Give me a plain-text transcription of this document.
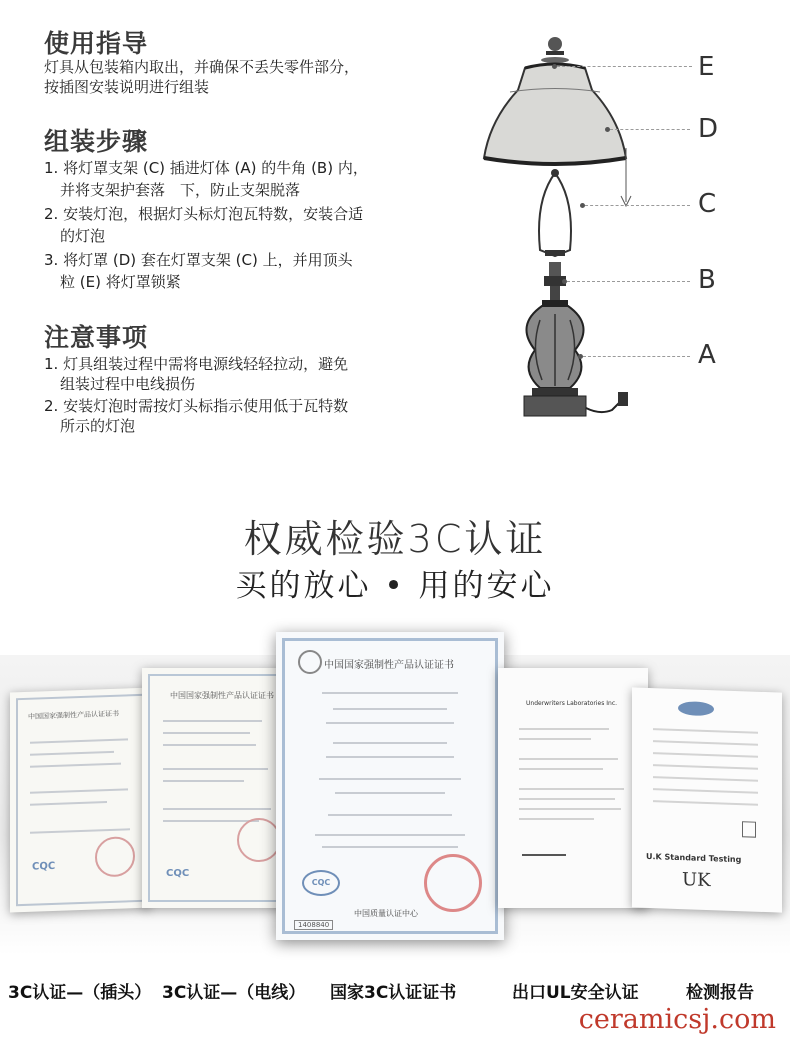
使用指导
灯具从包装箱内取出，并确保不丢失零件部分，
按插图安装说明进行组装
组装步骤
1. 将灯罩支架 (C) 插进灯体 (A) 的牛角 (B) 内，
并将支架护套落　下，防止支架脱落
2. 安装灯泡，根据灯头标灯泡瓦特数，安装合适
的灯泡
3. 将灯罩 (D) 套在灯罩支架 (C) 上，并用顶头
粒 (E) 将灯罩锁紧
注意事项
1. 灯具组装过程中需将电源线轻轻拉动，避免
组装过程中电线损伤
2. 安装灯泡时需按灯头标指示使用低于瓦特数
所示的灯泡
E
D
C
B
A
权威检验3C认证
买的放心 • 用的安心
中国国家强制性产品认证证书
CQC
中国国家强制性产品认证证书
CQC
中国国家强制性产品认证证书
CQC
中国质量认证中心
1408840
Underwriters Laboratories Inc.
U.K Standard Testing
UK
3C认证—（插头） 3C认证—（电线） 国家3C认证证书	出口UL安全认证	检测报告
ceramicsj.com
